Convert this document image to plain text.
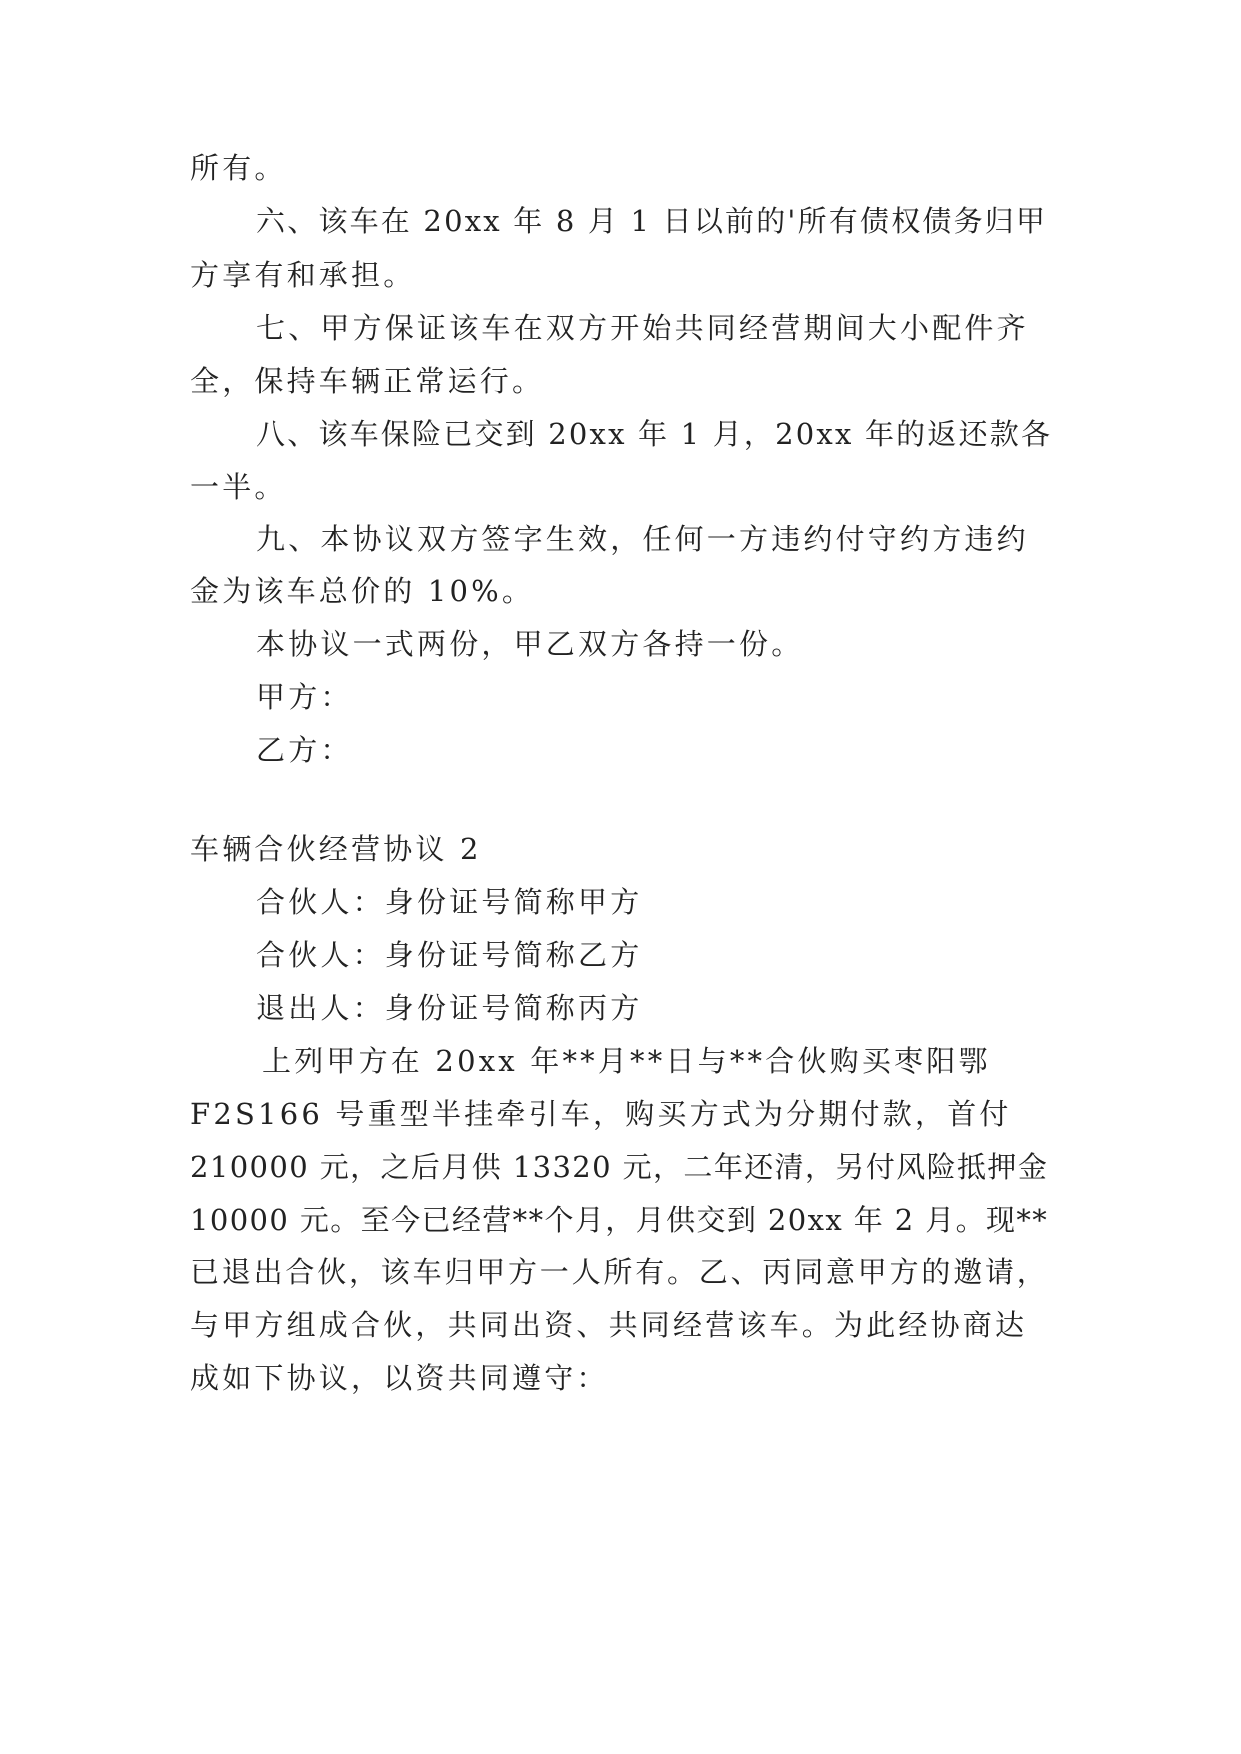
所有。
六、该车在 20xx 年 8 月 1 日以前的'所有债权债务归甲
方享有和承担。
七、甲方保证该车在双方开始共同经营期间大小配件齐
全，保持车辆正常运行。
八、该车保险已交到 20xx 年 1 月，20xx 年的返还款各
一半。
九、本协议双方签字生效，任何一方违约付守约方违约
金为该车总价的 10%。
本协议一式两份，甲乙双方各持一份。
甲方：
乙方：
车辆合伙经营协议 2
合伙人：身份证号简称甲方
合伙人：身份证号简称乙方
退出人：身份证号简称丙方
上列甲方在 20xx 年**月**日与**合伙购买枣阳鄂
F2S166 号重型半挂牵引车，购买方式为分期付款，首付
210000 元，之后月供 13320 元，二年还清，另付风险抵押金
10000 元。至今已经营**个月，月供交到 20xx 年 2 月。现**
已退出合伙，该车归甲方一人所有。乙、丙同意甲方的邀请，
与甲方组成合伙，共同出资、共同经营该车。为此经协商达
成如下协议，以资共同遵守：
